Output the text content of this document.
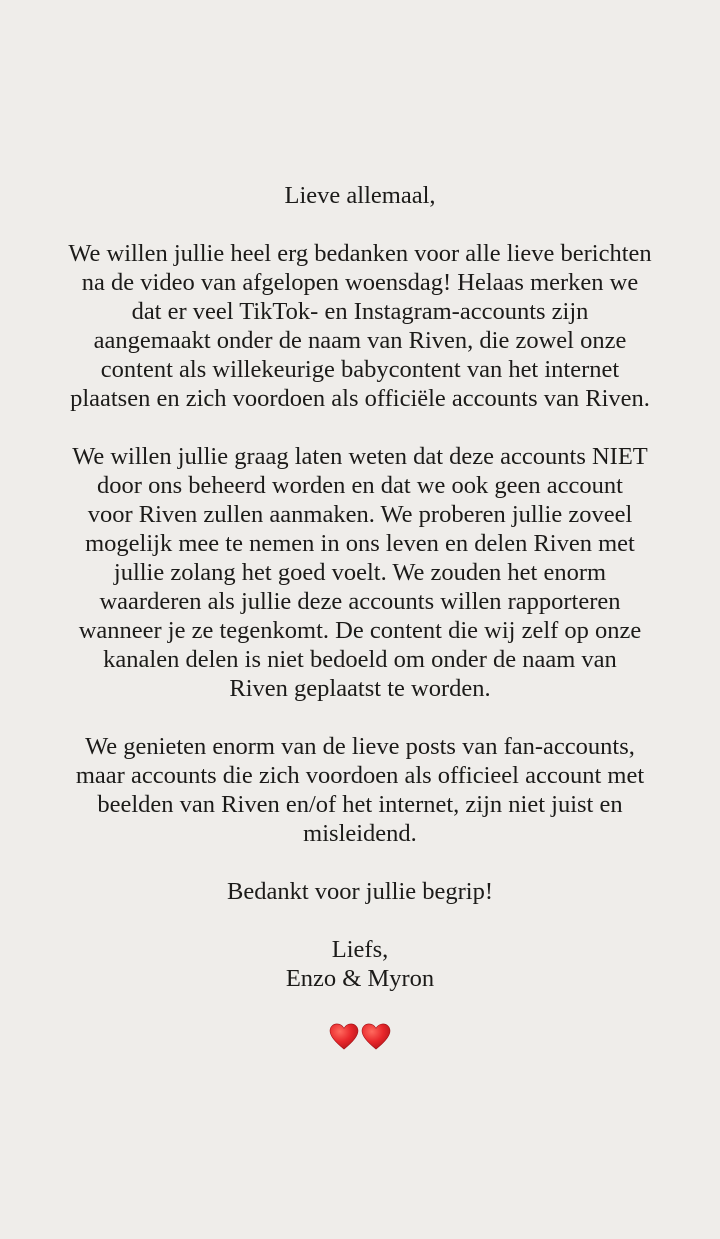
Lieve allemaal,

We willen jullie heel erg bedanken voor alle lieve berichten
na de video van afgelopen woensdag! Helaas merken we
dat er veel TikTok- en Instagram-accounts zijn
aangemaakt onder de naam van Riven, die zowel onze
content als willekeurige babycontent van het internet
plaatsen en zich voordoen als officiële accounts van Riven.

We willen jullie graag laten weten dat deze accounts NIET
door ons beheerd worden en dat we ook geen account
voor Riven zullen aanmaken. We proberen jullie zoveel
mogelijk mee te nemen in ons leven en delen Riven met
jullie zolang het goed voelt. We zouden het enorm
waarderen als jullie deze accounts willen rapporteren
wanneer je ze tegenkomt. De content die wij zelf op onze
kanalen delen is niet bedoeld om onder de naam van
Riven geplaatst te worden.

We genieten enorm van de lieve posts van fan-accounts,
maar accounts die zich voordoen als officieel account met
beelden van Riven en/of het internet, zijn niet juist en
misleidend.

Bedankt voor jullie begrip!

Liefs,
Enzo & Myron
